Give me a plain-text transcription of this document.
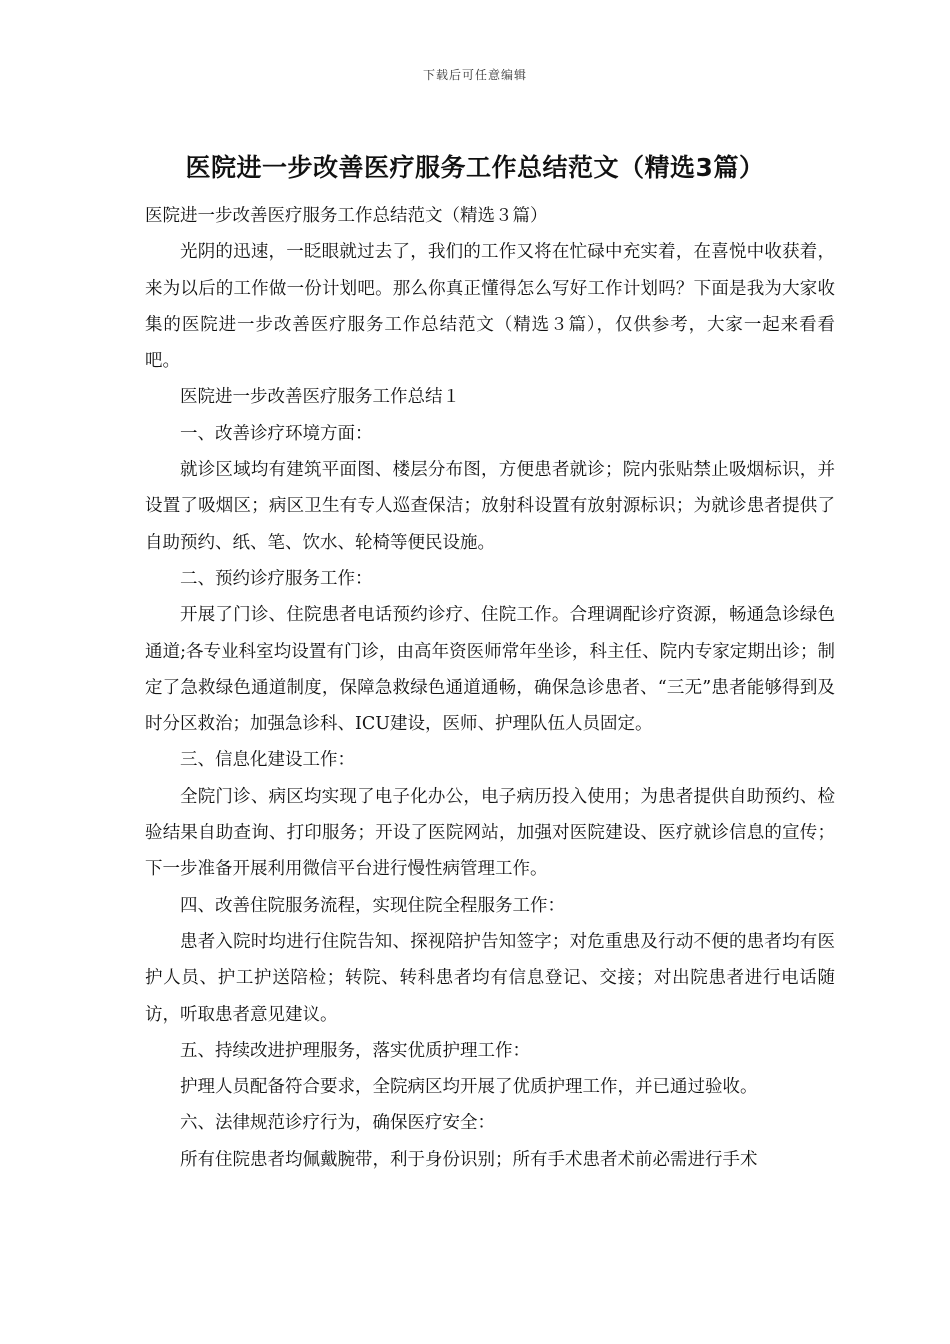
下载后可任意编辑
医院进一步改善医疗服务工作总结范文（精选3篇）

医院进一步改善医疗服务工作总结范文（精选３篇）

光阴的迅速，一眨眼就过去了，我们的工作又将在忙碌中充实着，在喜悦中收获着，来为以后的工作做一份计划吧。那么你真正懂得怎么写好工作计划吗？下面是我为大家收集的医院进一步改善医疗服务工作总结范文（精选３篇），仅供参考，大家一起来看看吧。

医院进一步改善医疗服务工作总结１

一、改善诊疗环境方面：

就诊区域均有建筑平面图、楼层分布图，方便患者就诊；院内张贴禁止吸烟标识，并设置了吸烟区；病区卫生有专人巡查保洁；放射科设置有放射源标识；为就诊患者提供了自助预约、纸、笔、饮水、轮椅等便民设施。

二、预约诊疗服务工作：

开展了门诊、住院患者电话预约诊疗、住院工作。合理调配诊疗资源，畅通急诊绿色通道;各专业科室均设置有门诊，由高年资医师常年坐诊，科主任、院内专家定期出诊；制定了急救绿色通道制度，保障急救绿色通道通畅，确保急诊患者、“三无”患者能够得到及时分区救治；加强急诊科、ICU建设，医师、护理队伍人员固定。

三、信息化建设工作：

全院门诊、病区均实现了电子化办公，电子病历投入使用；为患者提供自助预约、检验结果自助查询、打印服务；开设了医院网站，加强对医院建设、医疗就诊信息的宣传；下一步准备开展利用微信平台进行慢性病管理工作。

四、改善住院服务流程，实现住院全程服务工作：

患者入院时均进行住院告知、探视陪护告知签字；对危重患及行动不便的患者均有医护人员、护工护送陪检；转院、转科患者均有信息登记、交接；对出院患者进行电话随访，听取患者意见建议。

五、持续改进护理服务，落实优质护理工作：

护理人员配备符合要求，全院病区均开展了优质护理工作，并已通过验收。

六、法律规范诊疗行为，确保医疗安全：

所有住院患者均佩戴腕带，利于身份识别；所有手术患者术前必需进行手术
